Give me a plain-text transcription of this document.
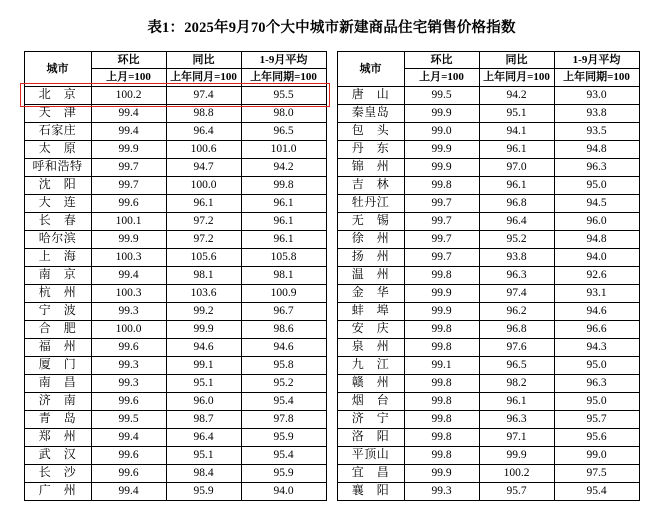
表1：2025年9月70个大中城市新建商品住宅销售价格指数
城市	环比	同比	1-9月平均
	上月=100	上年同月=100	上年同期=100
北　京	100.2	97.4	95.5
天　津	99.4	98.8	98.0
石家庄	99.4	96.4	96.5
太　原	99.9	100.6	101.0
呼和浩特	99.7	94.7	94.2
沈　阳	99.7	100.0	99.8
大　连	99.6	96.1	96.1
长　春	100.1	97.2	96.1
哈尔滨	99.9	97.2	96.1
上　海	100.3	105.6	105.8
南　京	99.4	98.1	98.1
杭　州	100.3	103.6	100.9
宁　波	99.3	99.2	96.7
合　肥	100.0	99.9	98.6
福　州	99.6	94.6	94.6
厦　门	99.3	99.1	95.8
南　昌	99.3	95.1	95.2
济　南	99.6	96.0	95.4
青　岛	99.5	98.7	97.8
郑　州	99.4	96.4	95.9
武　汉	99.6	95.1	95.4
长　沙	99.6	98.4	95.9
广　州	99.4	95.9	94.0
城市	环比	同比	1-9月平均
	上月=100	上年同月=100	上年同期=100
唐　山	99.5	94.2	93.0
秦皇岛	99.9	95.1	93.8
包　头	99.0	94.1	93.5
丹　东	99.9	96.1	94.8
锦　州	99.9	97.0	96.3
吉　林	99.8	96.1	95.0
牡丹江	99.7	96.8	94.5
无　锡	99.7	96.4	96.0
徐　州	99.7	95.2	94.8
扬　州	99.7	93.8	94.0
温　州	99.8	96.3	92.6
金　华	99.9	97.4	93.1
蚌　埠	99.9	96.2	94.6
安　庆	99.8	96.8	96.6
泉　州	99.8	97.6	94.3
九　江	99.1	96.5	95.0
赣　州	99.8	98.2	96.3
烟　台	99.8	96.1	95.0
济　宁	99.8	96.3	95.7
洛　阳	99.8	97.1	95.6
平顶山	99.8	99.9	99.0
宜　昌	99.9	100.2	97.5
襄　阳	99.3	95.7	95.4
